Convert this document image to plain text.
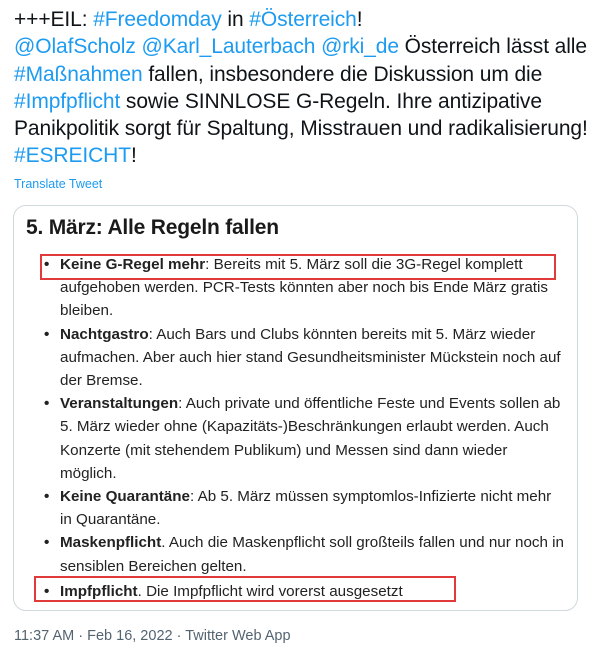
+++EIL: #Freedomday in #Österreich!
@OlafScholz @Karl_Lauterbach @rki_de Österreich lässt alle #Maßnahmen fallen, insbesondere die Diskussion um die #Impfpflicht sowie SINNLOSE G-Regeln. Ihre antizipative Panikpolitik sorgt für Spaltung, Misstrauen und radikalisierung! #ESREICHT!
Translate Tweet
5. März: Alle Regeln fallen
• Keine G-Regel mehr: Bereits mit 5. März soll die 3G-Regel komplett aufgehoben werden. PCR-Tests könnten aber noch bis Ende März gratis bleiben.
• Nachtgastro: Auch Bars und Clubs könnten bereits mit 5. März wieder aufmachen. Aber auch hier stand Gesundheitsminister Mückstein noch auf der Bremse.
• Veranstaltungen: Auch private und öffentliche Feste und Events sollen ab 5. März wieder ohne (Kapazitäts-)Beschränkungen erlaubt werden. Auch Konzerte (mit stehendem Publikum) und Messen sind dann wieder möglich.
• Keine Quarantäne: Ab 5. März müssen symptomlos-Infizierte nicht mehr in Quarantäne.
• Maskenpflicht. Auch die Maskenpflicht soll großteils fallen und nur noch in sensiblen Bereichen gelten.
• Impfpflicht. Die Impfpflicht wird vorerst ausgesetzt
11:37 AM · Feb 16, 2022 · Twitter Web App
